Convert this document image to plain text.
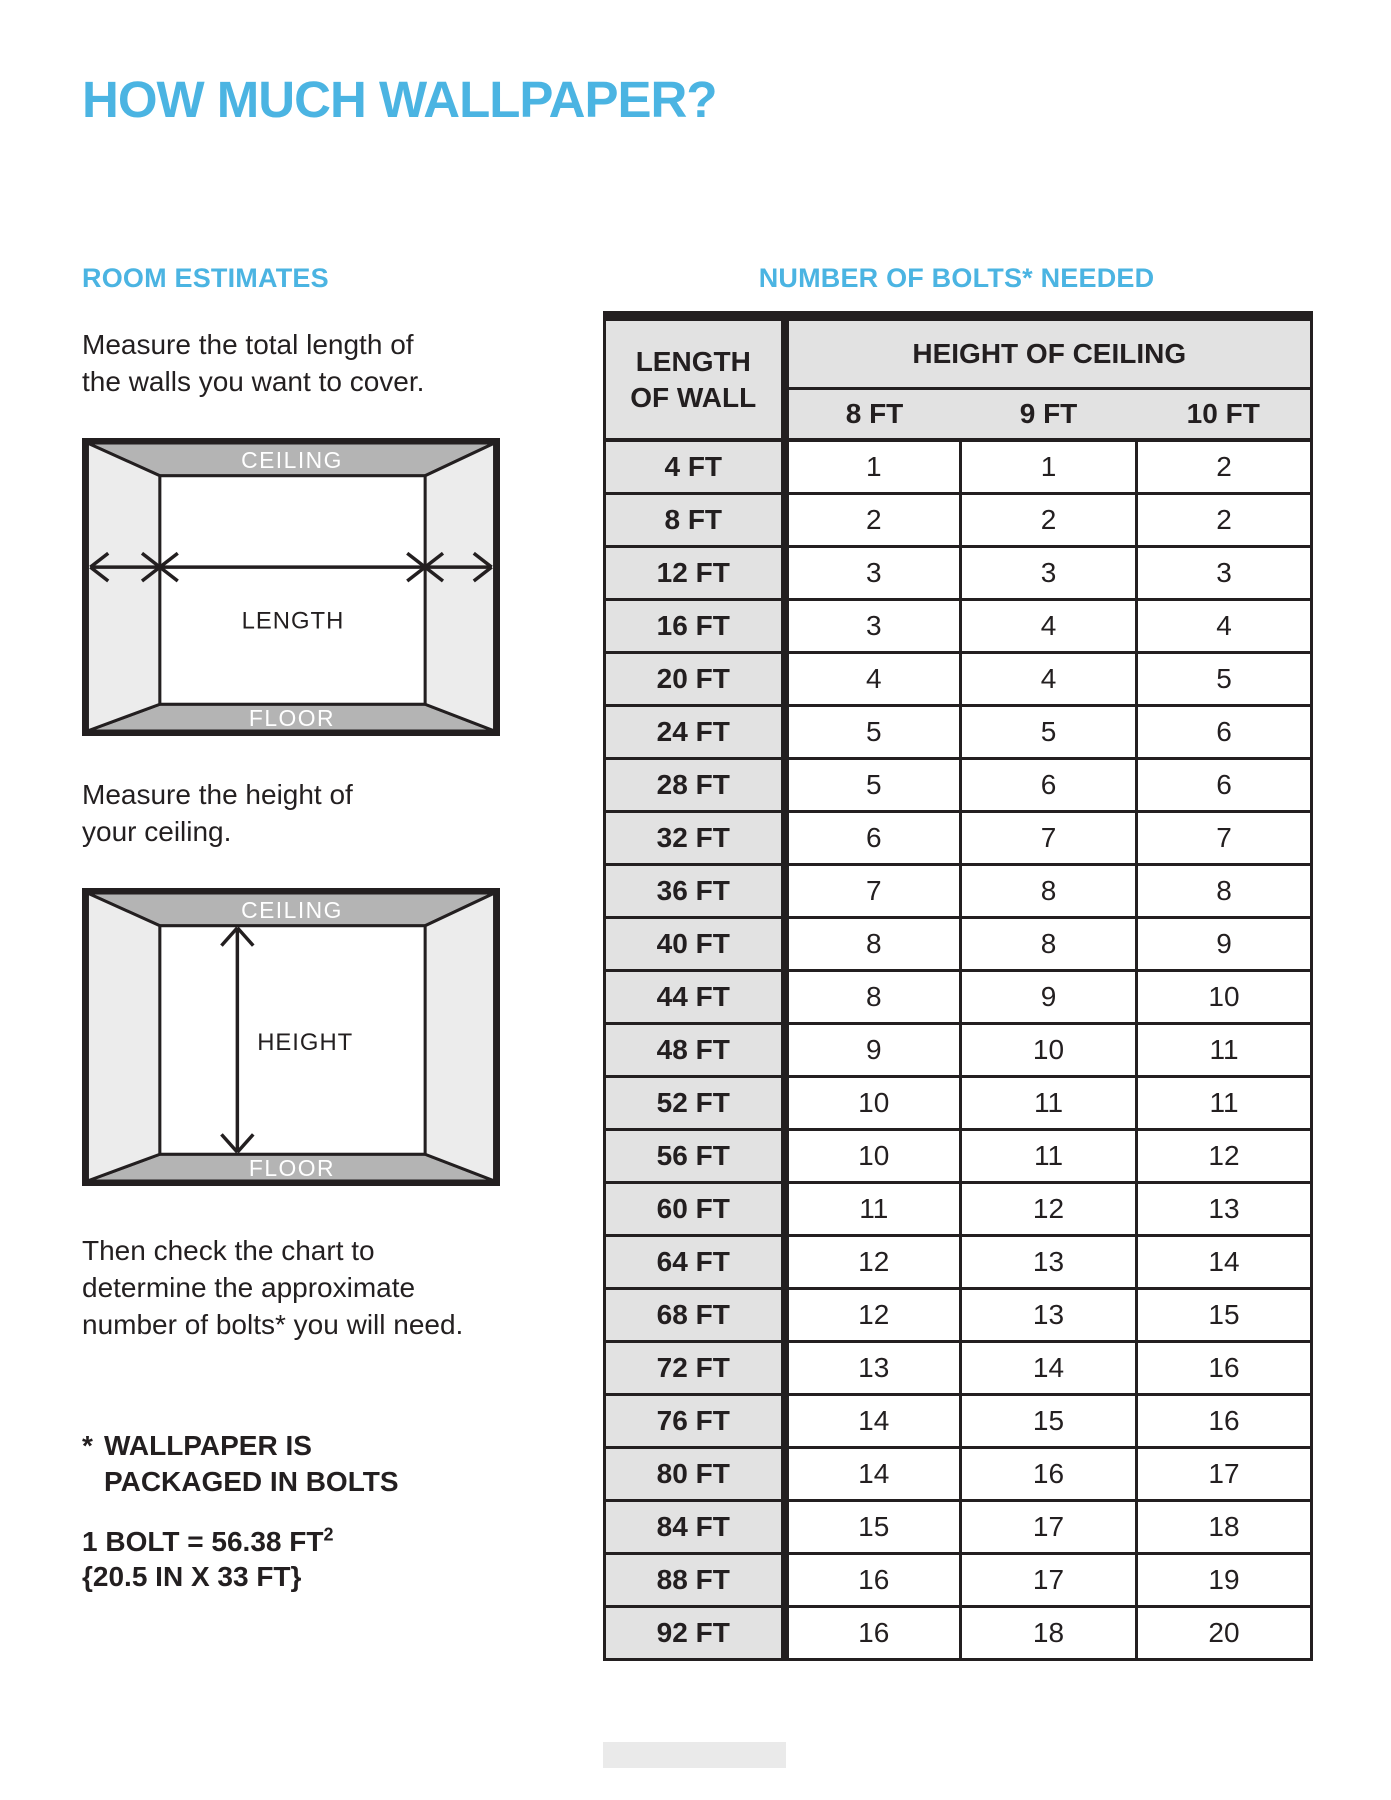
HOW MUCH WALLPAPER?
ROOM ESTIMATES

Measure the total length of
the walls you want to cover.

CEILING
FLOOR
LENGTH

Measure the height of
your ceiling.

CEILING
FLOOR
HEIGHT

Then check the chart to
determine the approximate
number of bolts* you will need.

* WALLPAPER IS
PACKAGED IN BOLTS
1 BOLT = 56.38 $FT^2$
{20.5 IN X 33 FT}
NUMBER OF BOLTS* NEEDED
LENGTH
OF WALL	HEIGHT OF CEILING		
	8 FT	9 FT	10 FT
4 FT	1	1	2
8 FT	2	2	2
12 FT	3	3	3
16 FT	3	4	4
20 FT	4	4	5
24 FT	5	5	6
28 FT	5	6	6
32 FT	6	7	7
36 FT	7	8	8
40 FT	8	8	9
44 FT	8	9	10
48 FT	9	10	11
52 FT	10	11	11
56 FT	10	11	12
60 FT	11	12	13
64 FT	12	13	14
68 FT	12	13	15
72 FT	13	14	16
76 FT	14	15	16
80 FT	14	16	17
84 FT	15	17	18
88 FT	16	17	19
92 FT	16	18	20
